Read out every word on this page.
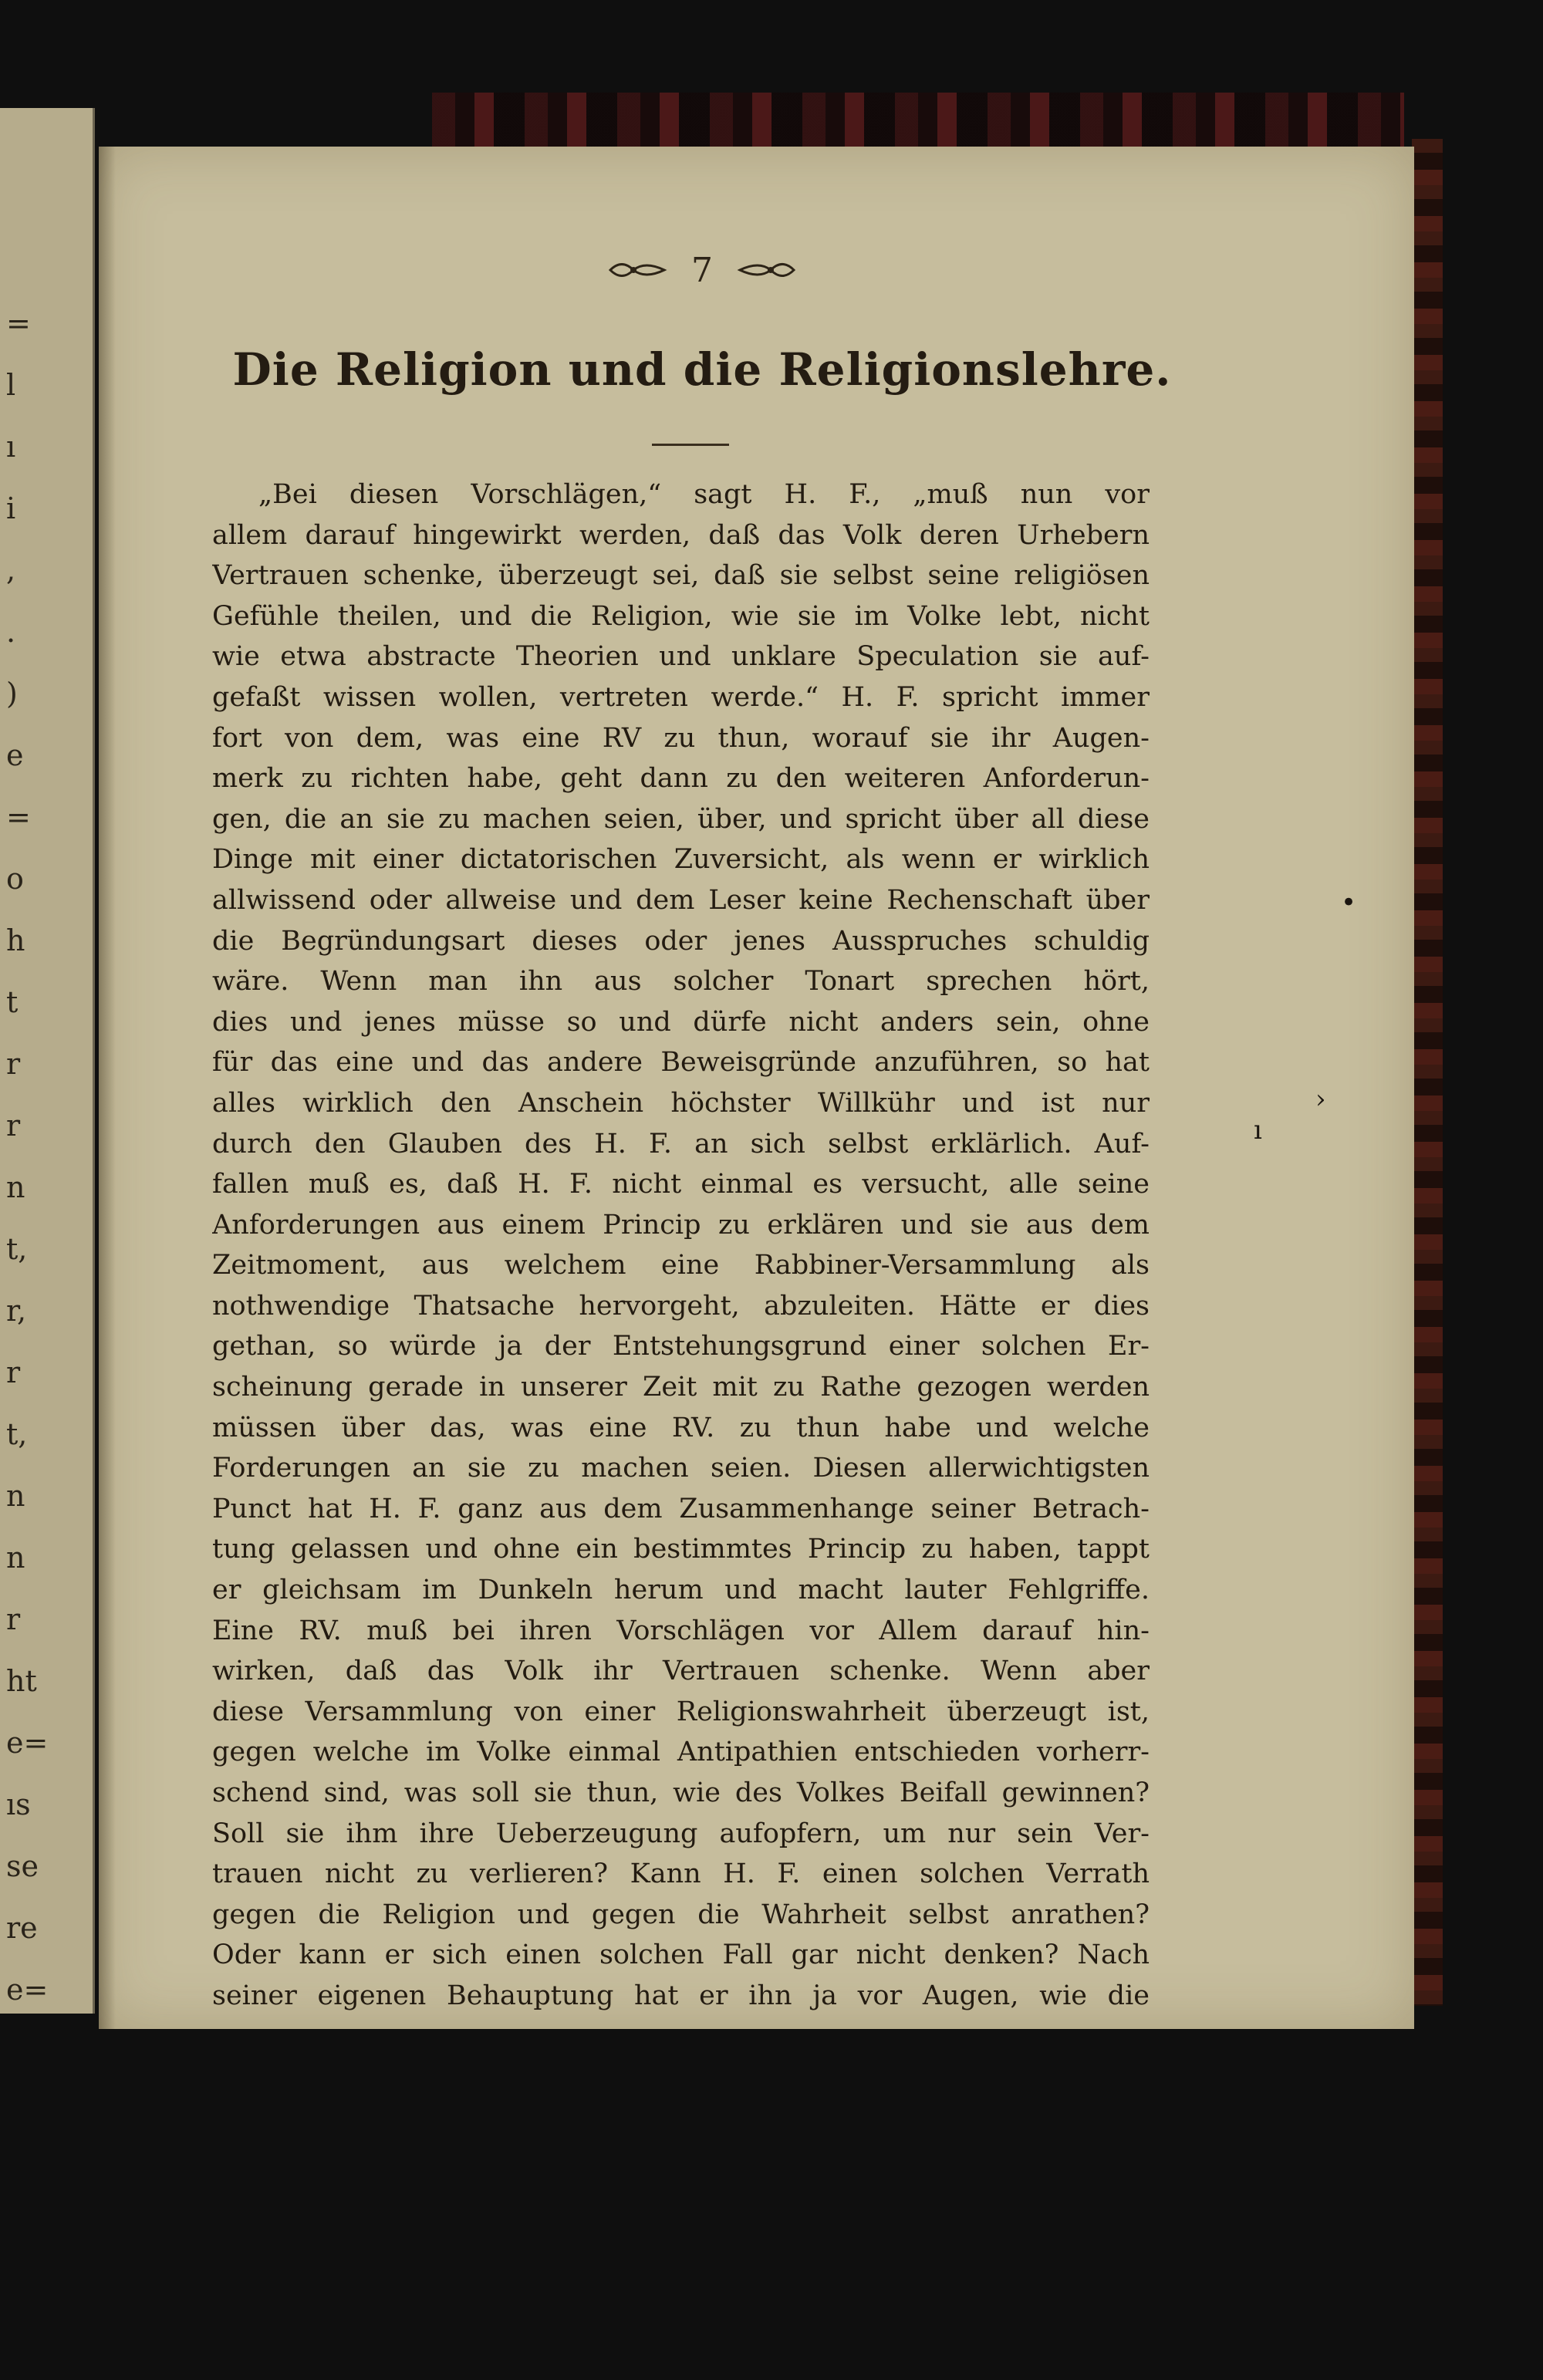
=
l
ı
i
,
.
)
e
=
o
h
t
r
r
n
t,
r,
r
t,
n
n
r
ht
e=
ıs
se
re
e=
7
Die Religion und die Religionslehre.
„Bei diesen Vorschlägen,“ sagt H. F., „muß nun vor
allem darauf hingewirkt werden, daß das Volk deren Urhebern
Vertrauen schenke, überzeugt sei, daß sie selbst seine religiösen
Gefühle theilen, und die Religion, wie sie im Volke lebt, nicht
wie etwa abstracte Theorien und unklare Speculation sie auf-
gefaßt wissen wollen, vertreten werde.“ H. F. spricht immer
fort von dem, was eine RV zu thun, worauf sie ihr Augen-
merk zu richten habe, geht dann zu den weiteren Anforderun-
gen, die an sie zu machen seien, über, und spricht über all diese
Dinge mit einer dictatorischen Zuversicht, als wenn er wirklich
allwissend oder allweise und dem Leser keine Rechenschaft über
die Begründungsart dieses oder jenes Ausspruches schuldig
wäre. Wenn man ihn aus solcher Tonart sprechen hört,
dies und jenes müsse so und dürfe nicht anders sein, ohne
für das eine und das andere Beweisgründe anzuführen, so hat
alles wirklich den Anschein höchster Willkühr und ist nur
durch den Glauben des H. F. an sich selbst erklärlich. Auf-
fallen muß es, daß H. F. nicht einmal es versucht, alle seine
Anforderungen aus einem Princip zu erklären und sie aus dem
Zeitmoment, aus welchem eine Rabbiner-Versammlung als
nothwendige Thatsache hervorgeht, abzuleiten. Hätte er dies
gethan, so würde ja der Entstehungsgrund einer solchen Er-
scheinung gerade in unserer Zeit mit zu Rathe gezogen werden
müssen über das, was eine RV. zu thun habe und welche
Forderungen an sie zu machen seien. Diesen allerwichtigsten
Punct hat H. F. ganz aus dem Zusammenhange seiner Betrach-
tung gelassen und ohne ein bestimmtes Princip zu haben, tappt
er gleichsam im Dunkeln herum und macht lauter Fehlgriffe.
Eine RV. muß bei ihren Vorschlägen vor Allem darauf hin-
wirken, daß das Volk ihr Vertrauen schenke. Wenn aber
diese Versammlung von einer Religionswahrheit überzeugt ist,
gegen welche im Volke einmal Antipathien entschieden vorherr-
schend sind, was soll sie thun, wie des Volkes Beifall gewinnen?
Soll sie ihm ihre Ueberzeugung aufopfern, um nur sein Ver-
trauen nicht zu verlieren? Kann H. F. einen solchen Verrath
gegen die Religion und gegen die Wahrheit selbst anrathen?
Oder kann er sich einen solchen Fall gar nicht denken? Nach
seiner eigenen Behauptung hat er ihn ja vor Augen, wie die
•
›
ı
